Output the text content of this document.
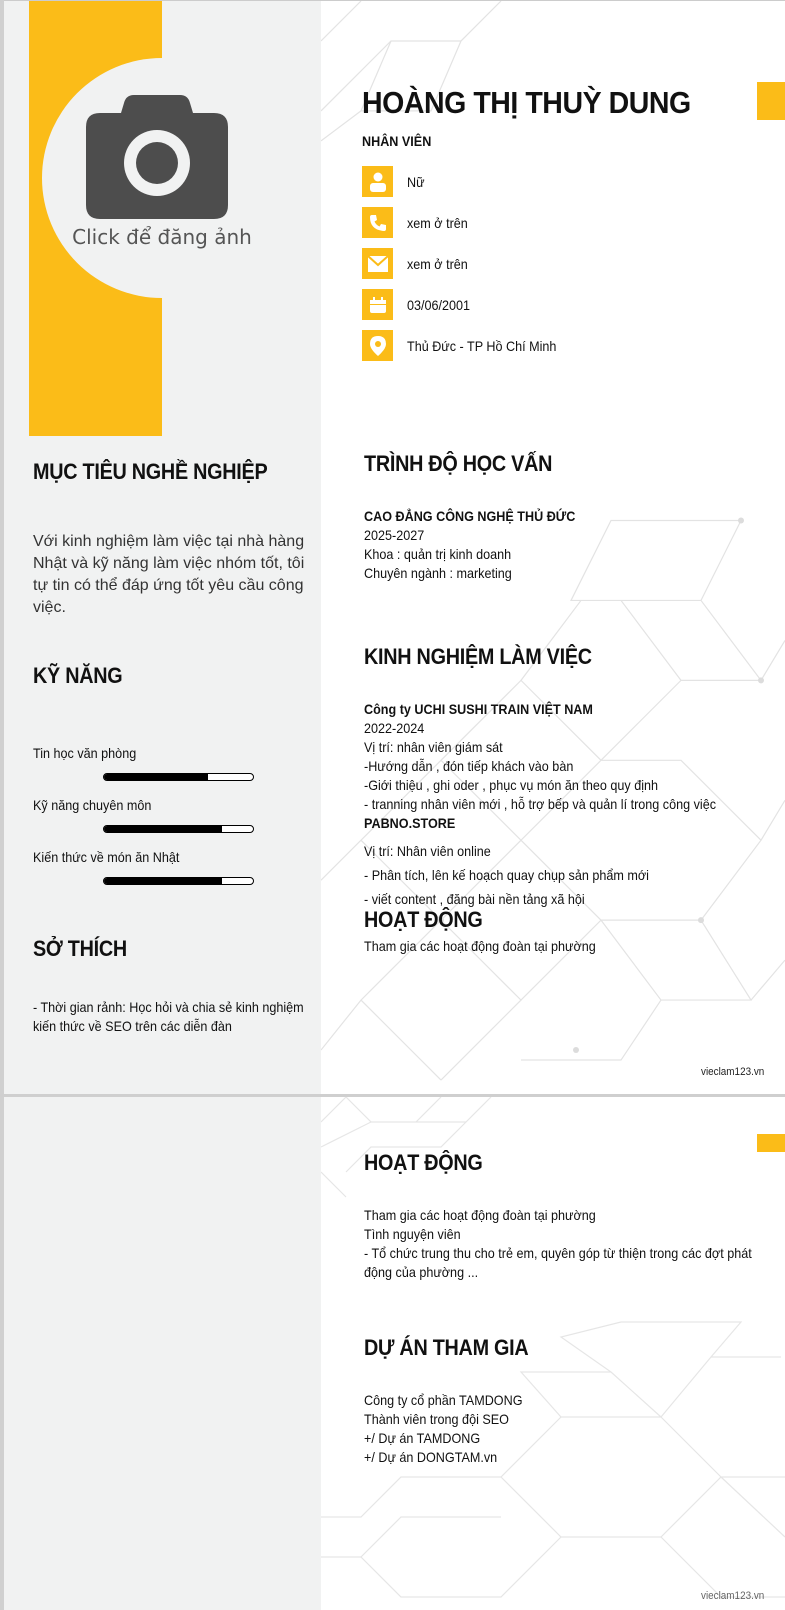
Click để đăng ảnh
MỤC TIÊU NGHỀ NGHIỆP
Với kinh nghiệm làm việc tại nhà hàng Nhật và kỹ năng làm việc nhóm tốt, tôi tự tin có thể đáp ứng tốt yêu cầu công việc.
KỸ NĂNG
Tin học văn phòng
Kỹ năng chuyên môn
Kiến thức về món ăn Nhật
SỞ THÍCH
- Thời gian rảnh: Học hỏi và chia sẻ kinh nghiệm
kiến thức về SEO trên các diễn đàn
HOÀNG THỊ THUỲ DUNG
NHÂN VIÊN
Nữ
xem ở trên
xem ở trên
03/06/2001
Thủ Đức - TP Hồ Chí Minh
TRÌNH ĐỘ HỌC VẤN
CAO ĐẲNG CÔNG NGHỆ THỦ ĐỨC
2025-2027
Khoa : quản trị kinh doanh
Chuyên ngành : marketing
KINH NGHIỆM LÀM VIỆC
Công ty UCHI SUSHI TRAIN VIỆT NAM
2022-2024
Vị trí: nhân viên giám sát
-Hướng dẫn , đón tiếp khách vào bàn
-Giới thiệu , ghi oder , phục vụ món ăn theo quy định
- tranning nhân viên mới , hỗ trợ bếp và quản lí trong công việc
PABNO.STORE
Vị trí: Nhân viên online
- Phân tích, lên kế hoạch quay chụp sản phẩm mới
- viết content , đăng bài nền tảng xã hội
HOẠT ĐỘNG
Tham gia các hoạt động đoàn tại phường
vieclam123.vn
HOẠT ĐỘNG
Tham gia các hoạt động đoàn tại phường
Tình nguyện viên
- Tổ chức trung thu cho trẻ em, quyên góp từ thiện trong các đợt phát
động của phường ...
DỰ ÁN THAM GIA
Công ty cổ phần TAMDONG
Thành viên trong đội SEO
+/ Dự án TAMDONG
+/ Dự án DONGTAM.vn
vieclam123.vn
